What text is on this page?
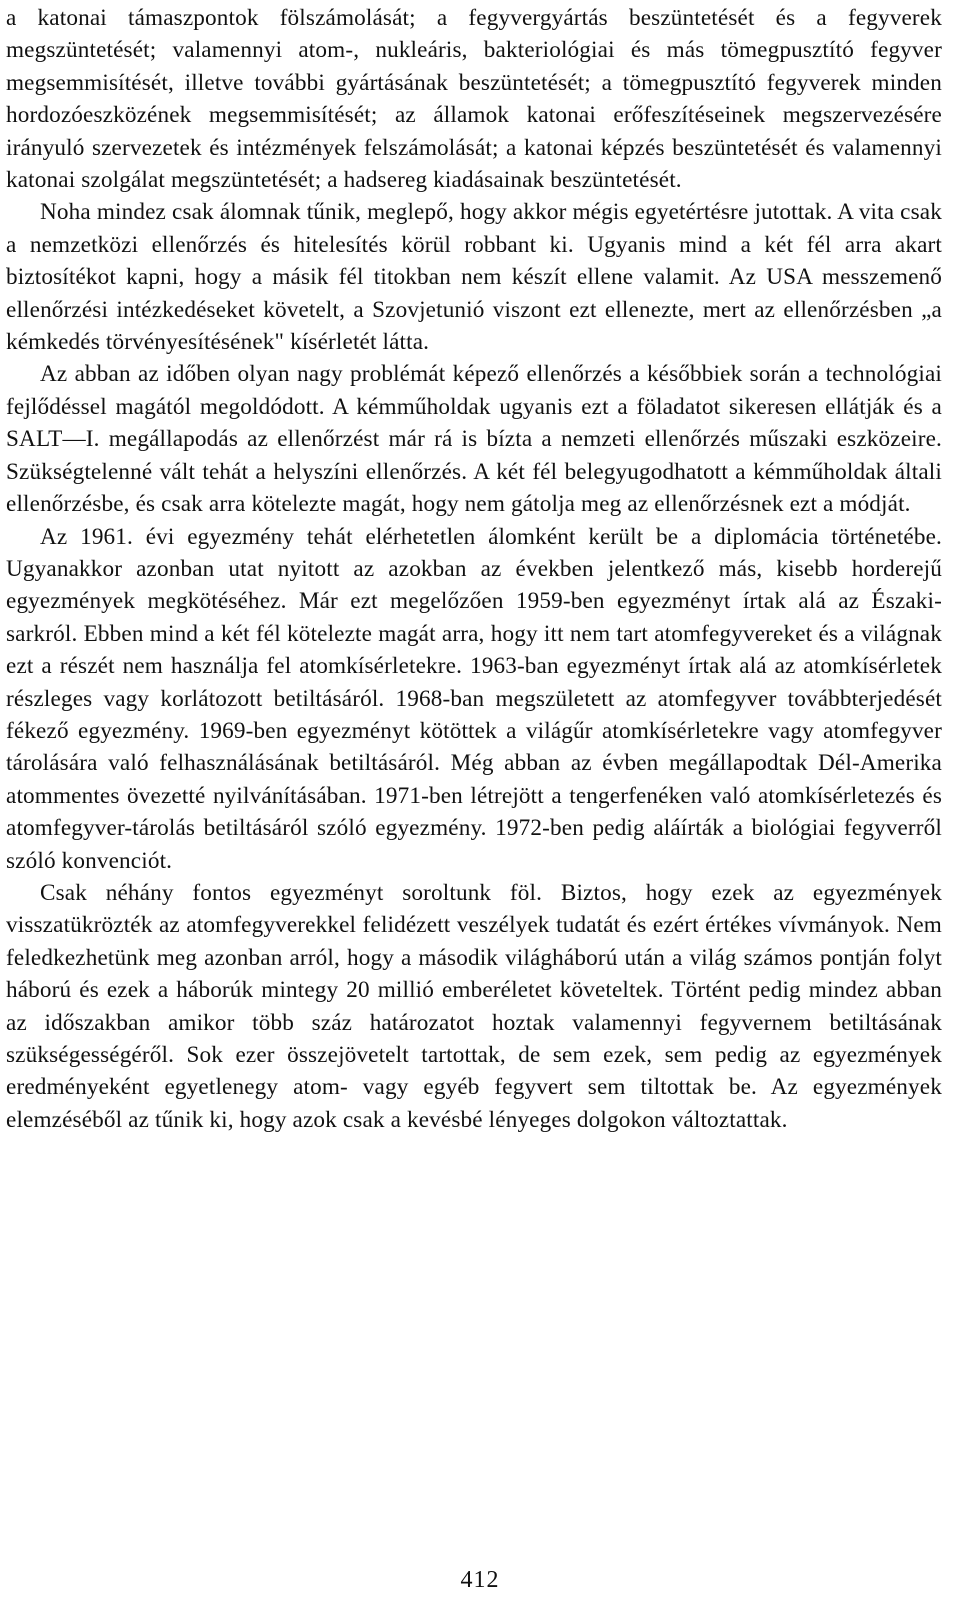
a katonai támaszpontok fölszámolását; a fegyvergyártás beszüntetését és a fegyverek megszüntetését; valamennyi atom-, nukleáris, bakteriológiai és más tömegpusztító fegyver megsemmisítését, illetve további gyártásának beszüntetését; a tömegpusztító fegyverek minden hordozóeszközének megsemmisítését; az államok katonai erőfeszítéseinek megszervezésére irányuló szervezetek és intézmények felszámolását; a katonai képzés beszüntetését és valamennyi katonai szolgálat megszüntetését; a hadsereg kiadásainak beszüntetését.

Noha mindez csak álomnak tűnik, meglepő, hogy akkor mégis egyetértésre jutottak. A vita csak a nemzetközi ellenőrzés és hitelesítés körül robbant ki. Ugyanis mind a két fél arra akart biztosítékot kapni, hogy a másik fél titokban nem készít ellene valamit. Az USA messzemenő ellenőrzési intézkedéseket követelt, a Szovjetunió viszont ezt ellenezte, mert az ellenőrzésben „a kémkedés törvényesítésének" kísérletét látta.

Az abban az időben olyan nagy problémát képező ellenőrzés a későbbiek során a technológiai fejlődéssel magától megoldódott. A kémműholdak ugyanis ezt a föladatot sikeresen ellátják és a SALT—I. megállapodás az ellenőrzést már rá is bízta a nemzeti ellenőrzés műszaki eszközeire. Szükségtelenné vált tehát a helyszíni ellenőrzés. A két fél belegyugodhatott a kémműholdak általi ellenőrzésbe, és csak arra kötelezte magát, hogy nem gátolja meg az ellenőrzésnek ezt a módját.

Az 1961. évi egyezmény tehát elérhetetlen álomként került be a diplomácia történetébe. Ugyanakkor azonban utat nyitott az azokban az években jelentkező más, kisebb horderejű egyezmények megkötéséhez. Már ezt megelőzően 1959-ben egyezményt írtak alá az Északi-sarkról. Ebben mind a két fél kötelezte magát arra, hogy itt nem tart atomfegyvereket és a világnak ezt a részét nem használja fel atomkísérletekre. 1963-ban egyezményt írtak alá az atomkísérletek részleges vagy korlátozott betiltásáról. 1968-ban megszületett az atomfegyver továbbterjedését fékező egyezmény. 1969-ben egyezményt kötöttek a világűr atomkísérletekre vagy atomfegyver tárolására való felhasználásának betiltásáról. Még abban az évben megállapodtak Dél-Amerika atommentes övezetté nyilvánításában. 1971-ben létrejött a tengerfenéken való atomkísérletezés és atomfegyver-tárolás betiltásáról szóló egyezmény. 1972-ben pedig aláírták a biológiai fegyverről szóló konvenciót.

Csak néhány fontos egyezményt soroltunk föl. Biztos, hogy ezek az egyezmények visszatükrözték az atomfegyverekkel felidézett veszélyek tudatát és ezért értékes vívmányok. Nem feledkezhetünk meg azonban arról, hogy a második világháború után a világ számos pontján folyt háború és ezek a háborúk mintegy 20 millió emberéletet követeltek. Történt pedig mindez abban az időszakban amikor több száz határozatot hoztak valamennyi fegyvernem betiltásának szükségességéről. Sok ezer összejövetelt tartottak, de sem ezek, sem pedig az egyezmények eredményeként egyetlenegy atom- vagy egyéb fegyvert sem tiltottak be. Az egyezmények elemzéséből az tűnik ki, hogy azok csak a kevésbé lényeges dolgokon változtattak.

412
